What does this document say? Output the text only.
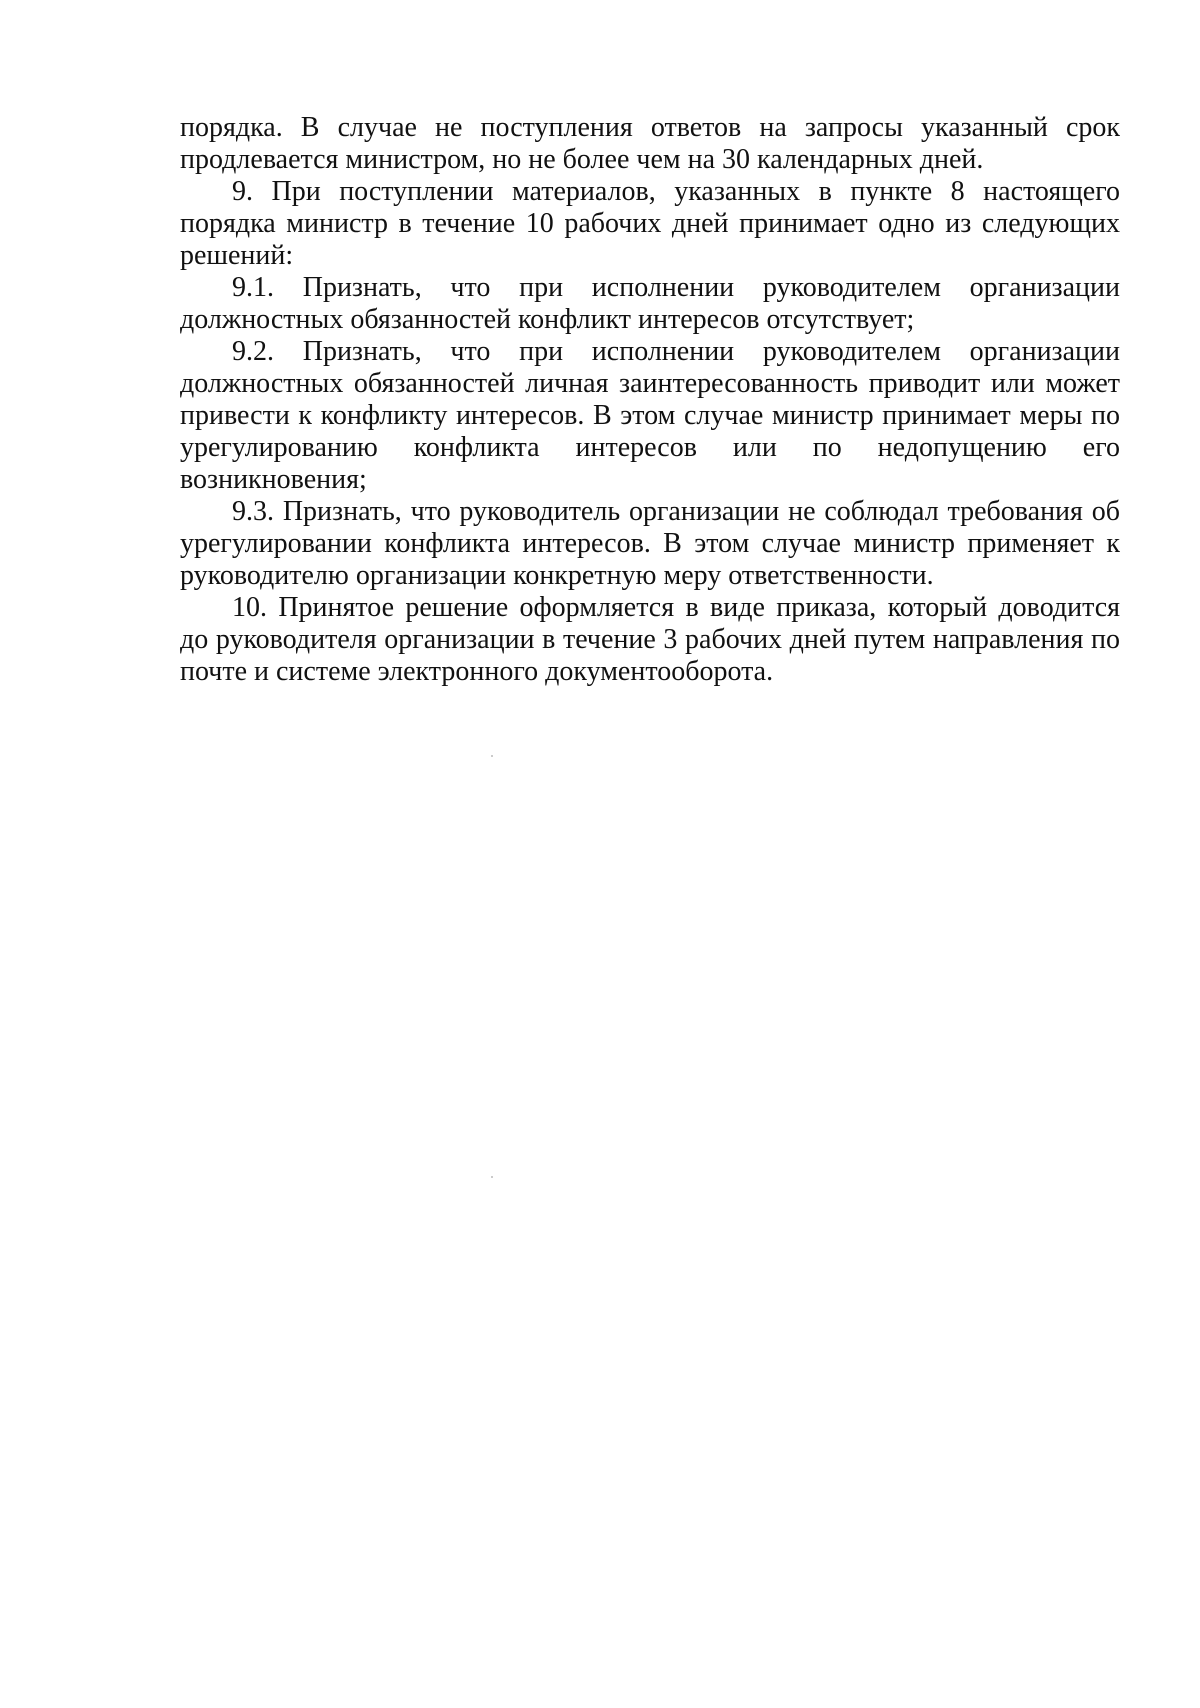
порядка. В случае не поступления ответов на запросы указанный срок продлевается министром, но не более чем на 30 календарных дней.

9. При поступлении материалов, указанных в пункте 8 настоящего порядка министр в течение 10 рабочих дней принимает одно из следующих решений:

9.1. Признать, что при исполнении руководителем организации должностных обязанностей конфликт интересов отсутствует;

9.2. Признать, что при исполнении руководителем организации должностных обязанностей личная заинтересованность приводит или может привести к конфликту интересов. В этом случае министр принимает меры по урегулированию конфликта интересов или по недопущению его возникновения;

9.3. Признать, что руководитель организации не соблюдал требования об урегулировании конфликта интересов. В этом случае министр применяет к руководителю организации конкретную меру ответственности.

10. Принятое решение оформляется в виде приказа, который доводится до руководителя организации в течение 3 рабочих дней путем направления по почте и системе электронного документооборота.
